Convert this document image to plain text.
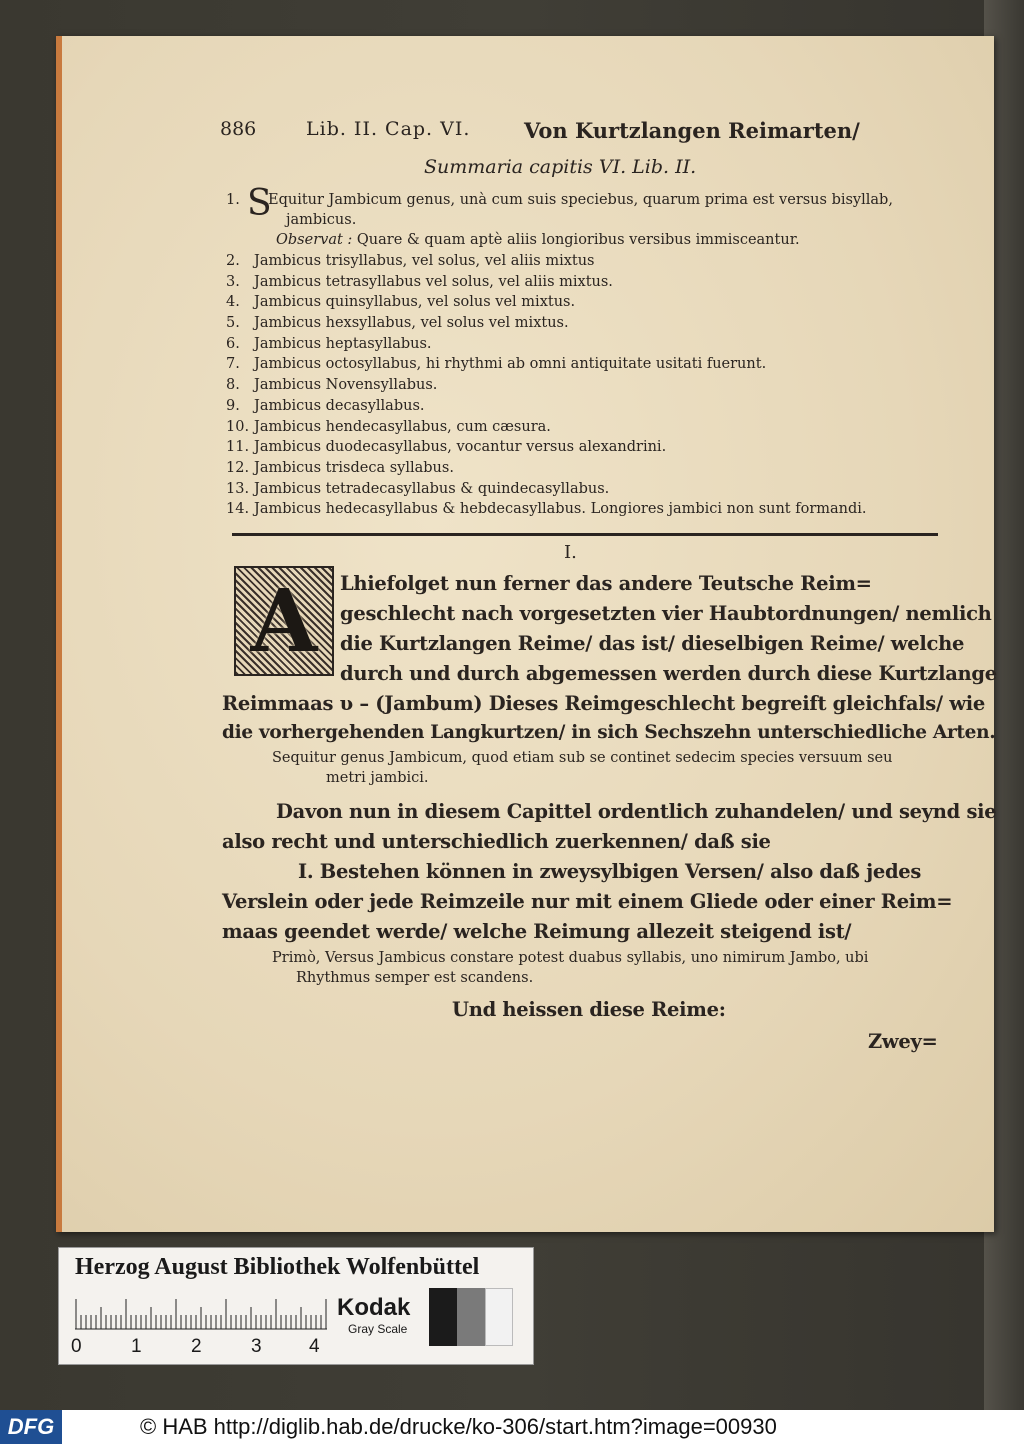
886	Lib. II. Cap. VI.	Von Kurtzlangen Reimarten/
Summaria capitis VI. Lib. II.
S
1. Equitur Jambicum genus, unà cum suis speciebus, quarum prima est versus bisyllab,
jambicus.
Observat : Quare & quam aptè aliis longioribus versibus immisceantur.
2. Jambicus trisyllabus, vel solus, vel aliis mixtus
3. Jambicus tetrasyllabus vel solus, vel aliis mixtus.
4. Jambicus quinsyllabus, vel solus vel mixtus.
5. Jambicus hexsyllabus, vel solus vel mixtus.
6. Jambicus heptasyllabus.
7. Jambicus octosyllabus, hi rhythmi ab omni antiquitate usitati fuerunt.
8. Jambicus Novensyllabus.
9. Jambicus decasyllabus.
10. Jambicus hendecasyllabus, cum cæsura.
11. Jambicus duodecasyllabus, vocantur versus alexandrini.
12. Jambicus trisdeca syllabus.
13. Jambicus tetradecasyllabus & quindecasyllabus.
14. Jambicus hedecasyllabus & hebdecasyllabus. Longiores jambici non sunt formandi.
I.
A Lhiefolget nun ferner das andere Teutsche Reim=
geschlecht nach vorgesetzten vier Haubtordnungen/ nemlich
die Kurtzlangen Reime/ das ist/ dieselbigen Reime/ welche
durch und durch abgemessen werden durch diese Kurtzlange
Reimmaas υ – (Jambum) Dieses Reimgeschlecht begreift gleichfals/ wie
die vorhergehenden Langkurtzen/ in sich Sechszehn unterschiedliche Arten.
Sequitur genus Jambicum, quod etiam sub se continet sedecim species versuum seu
metri jambici.
Davon nun in diesem Capittel ordentlich zuhandelen/ und seynd sie
also recht und unterschiedlich zuerkennen/ daß sie
I. Bestehen können in zweysylbigen Versen/ also daß jedes
Verslein oder jede Reimzeile nur mit einem Gliede oder einer Reim=
maas geendet werde/ welche Reimung allezeit steigend ist/
Primò, Versus Jambicus constare potest duabus syllabis, uno nimirum Jambo, ubi
Rhythmus semper est scandens.
Und heissen diese Reime:
Zwey=
Herzog August Bibliothek Wolfenbüttel
0	1	2	3 4
Kodak
Gray Scale
DFG	© HAB http://diglib.hab.de/drucke/ko-306/start.htm?image=00930
